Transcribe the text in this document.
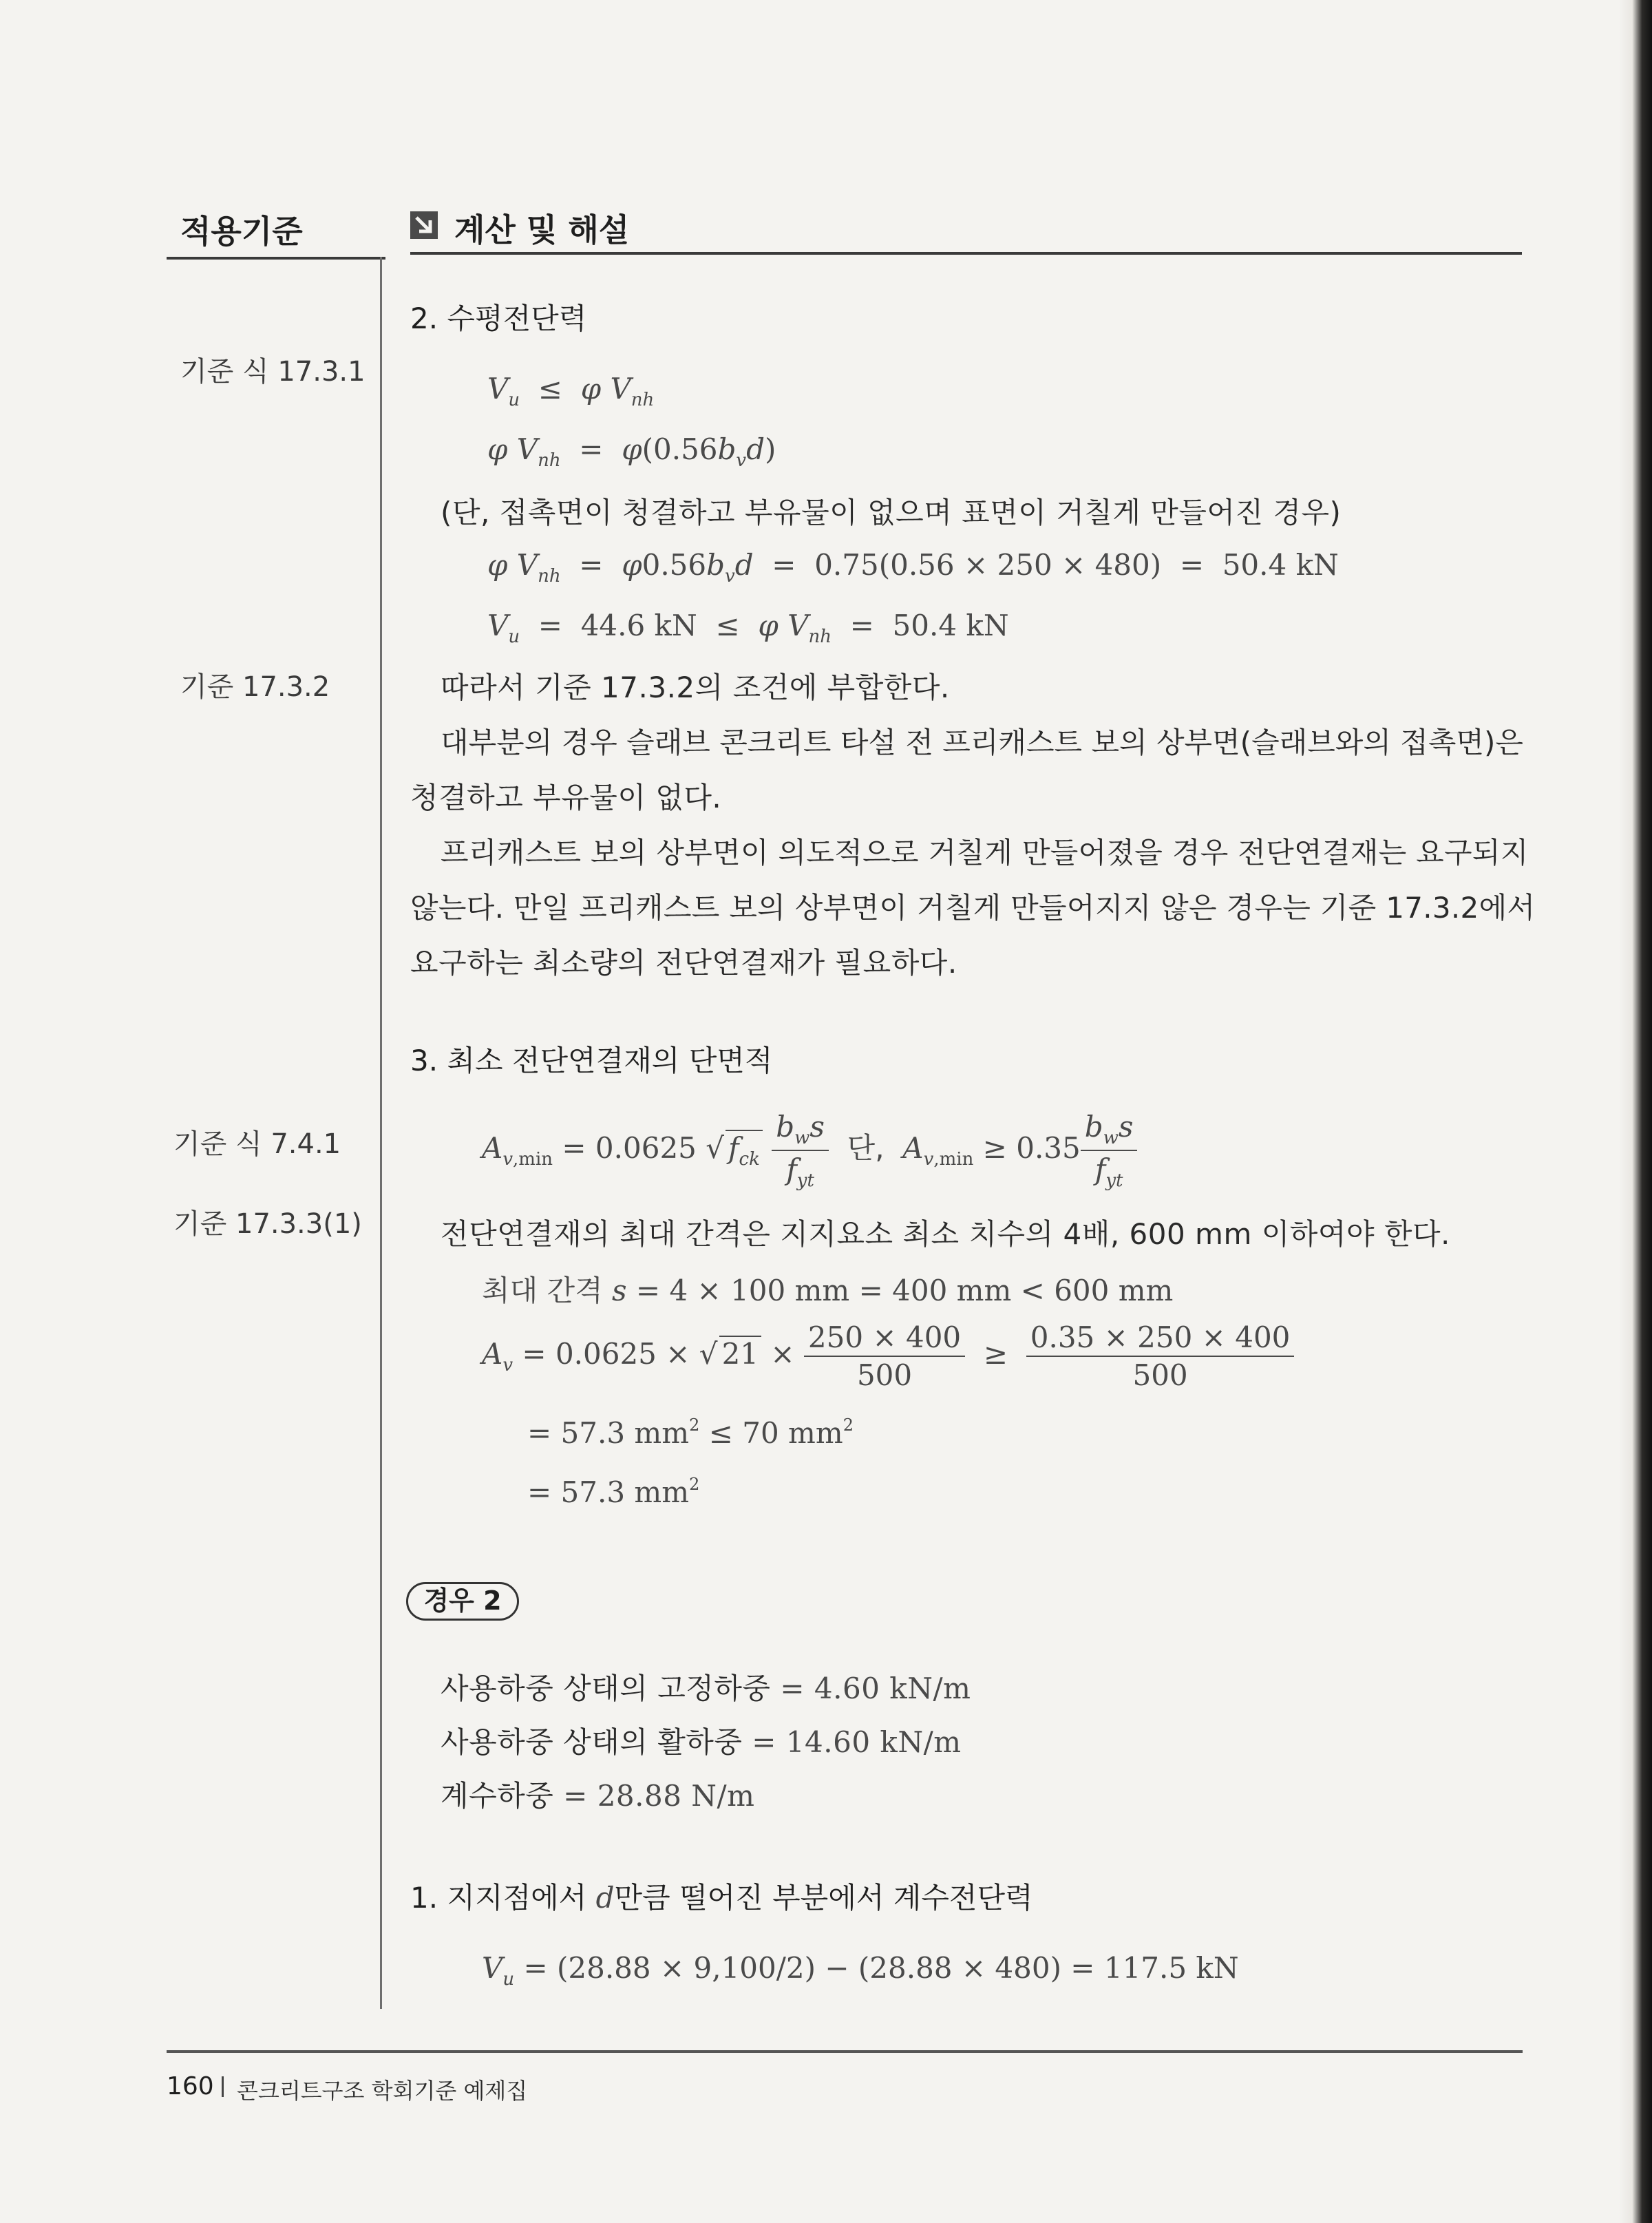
적용기준	계산 및 해설
기준 식 17.3.1
기준 17.3.2
기준 식 7.4.1
기준 17.3.3(1)
2. 수평전단력
$V_u \le \varphi$ $V_{nh}$
φ $V_{nh} = \varphi(0.56b_vd)$
(단, 접촉면이 청결하고 부유물이 없으며 표면이 거칠게 만들어진 경우)
φ $V_{nh} = \varphi 0.56b_vd = 0.75(0.56 \times 250 \times 480) = 50.4$ kN
$V_u = 44.6$ kN  ≤  φ $V_{nh} = 50.4$ kN
따라서 기준 17.3.2의 조건에 부합한다.
대부분의 경우 슬래브 콘크리트 타설 전 프리캐스트 보의 상부면(슬래브와의 접촉면)은
청결하고 부유물이 없다.
프리캐스트 보의 상부면이 의도적으로 거칠게 만들어졌을 경우 전단연결재는 요구되지
않는다. 만일 프리캐스트 보의 상부면이 거칠게 만들어지지 않은 경우는 기준 17.3.2에서
요구하는 최소량의 전단연결재가 필요하다.
3. 최소 전단연결재의 단면적
$A_{v,min} = 0.0625$ √ $f_{ck} \frac{b_ws}{f_{yt}}$ 단, $A_{v,min} \ge 0.35 \frac{b_ws}{f_{yt}}$
전단연결재의 최대 간격은 지지요소 최소 치수의 4배, 600 mm 이하여야 한다.
최대 간격 s = 4 × 100 mm = 400 mm < 600 mm
$A_v = 0.0625$ × √ $21 \times \frac{250 \times 400}{500} \ge \frac{0.35 \times 250 \times 400}{500}$
= 57.3 $mm^2 \le 70$ $mm^2$
= 57.3 $mm^2$
경우 2
사용하중 상태의 고정하중 = 4.60 kN/m
사용하중 상태의 활하중 = 14.60 kN/m
계수하중 = 28.88 N/m
1. 지지점에서 d만큼 떨어진 부분에서 계수전단력
$V_u = (28.88 \times 9,100/2) - (28.88 \times 480) = 117.5$ kN
160 콘크리트구조 학회기준 예제집
